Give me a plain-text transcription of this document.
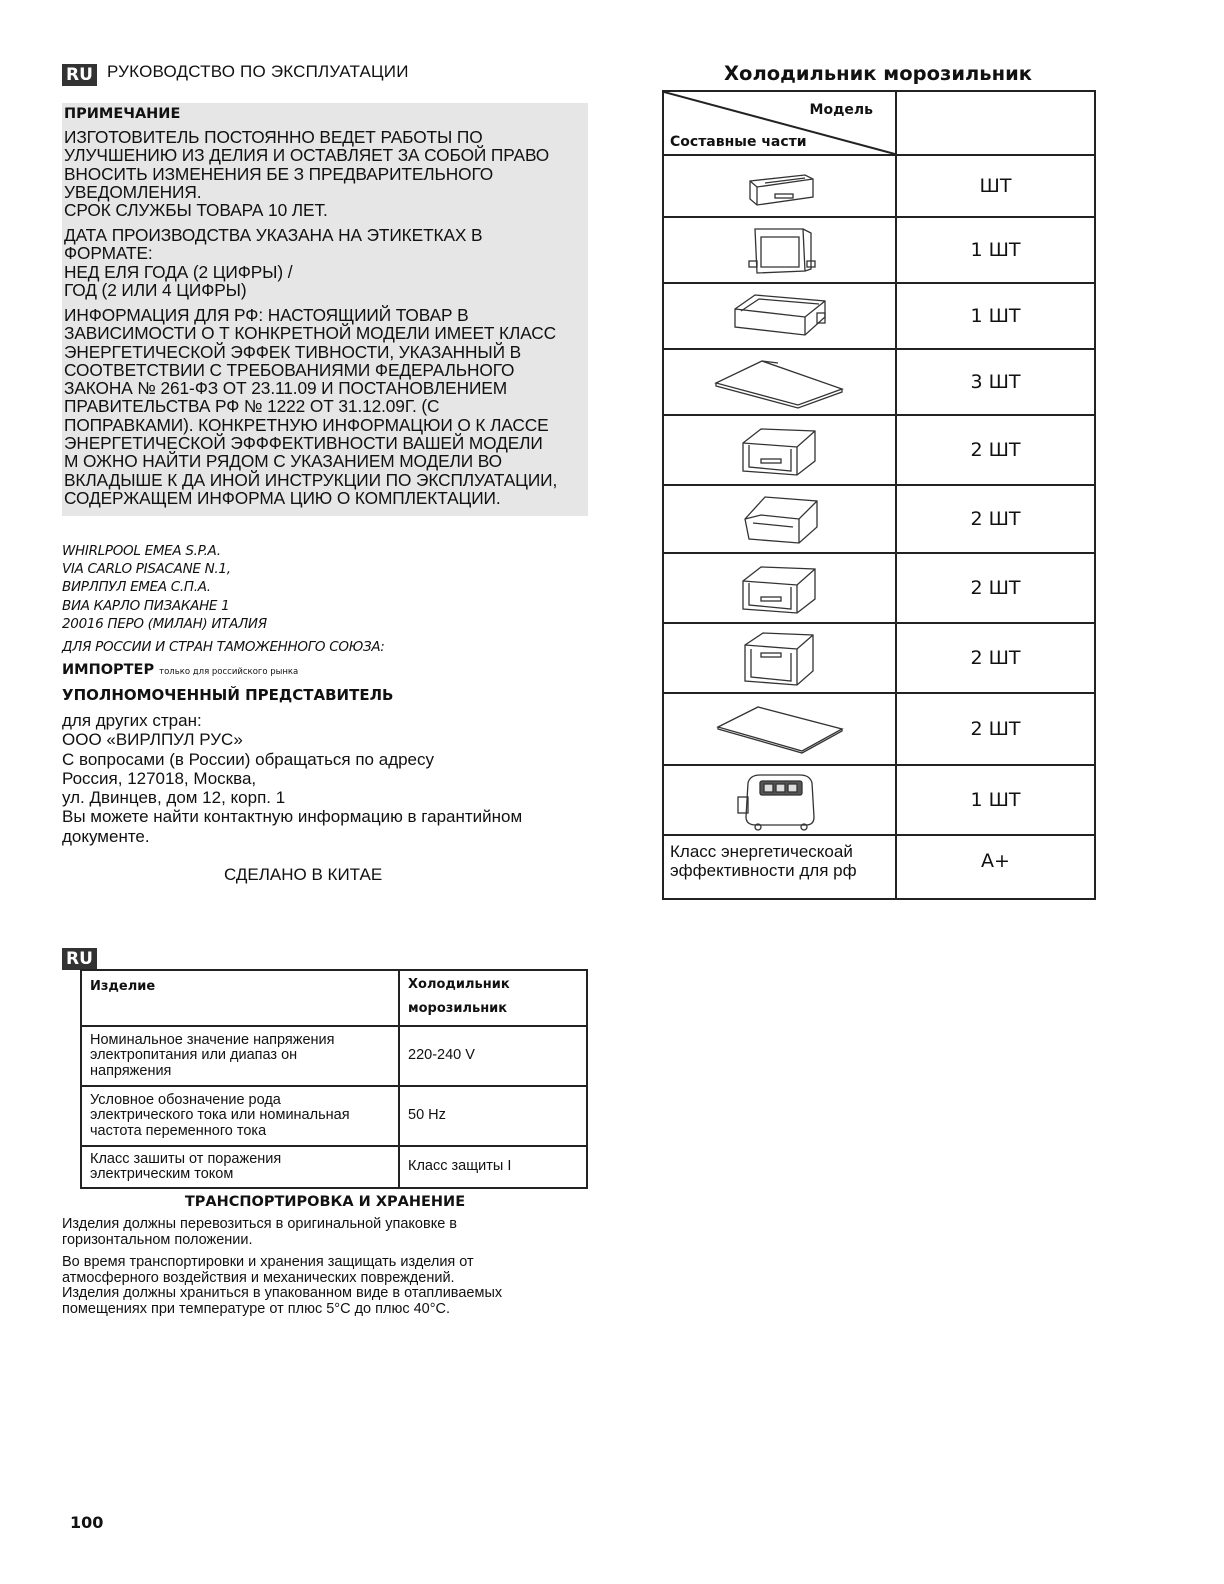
RU РУКОВОДСТВО ПО ЭКСПЛУАТАЦИИ
ПРИМЕЧАНИЕ

ИЗГОТОВИТЕЛЬ ПОСТОЯННО ВЕДЕТ РАБОТЫ ПО
УЛУЧШЕНИЮ ИЗ ДЕЛИЯ И ОСТАВЛЯЕТ ЗА СОБОЙ ПРАВО
ВНОСИТЬ ИЗМЕНЕНИЯ БЕ З ПРЕДВАРИТЕЛЬНОГО
УВЕДОМЛЕНИЯ.
СРОК СЛУЖБЫ ТОВАРА 10 ЛЕТ.

ДАТА ПРОИЗВОДСТВА УКАЗАНА НА ЭТИКЕТКАХ В
ФОРМАТЕ:
НЕД ЕЛЯ ГОДА (2 ЦИФРЫ) /
ГОД (2 ИЛИ 4 ЦИФРЫ)

ИНФОРМАЦИЯ ДЛЯ РФ: НАСТОЯЩИИЙ ТОВАР В
ЗАВИСИМОСТИ О Т КОНКРЕТНОЙ МОДЕЛИ ИМЕЕТ КЛАСС
ЭНЕРГЕТИЧЕСКОЙ ЭФФЕК ТИВНОСТИ, УКАЗАННЫЙ В
СООТВЕТСТВИИ С ТРЕБОВАНИЯМИ ФЕДЕРАЛЬНОГО
ЗАКОНА № 261-ФЗ ОТ 23.11.09 И ПОСТАНОВЛЕНИЕМ
ПРАВИТЕЛЬСТВА РФ № 1222 ОТ 31.12.09Г. (С
ПОПРАВКАМИ). КОНКРЕТНУЮ ИНФОРМАЦЮИ О К ЛАССЕ
ЭНЕРГЕТИЧЕСКОЙ ЭФФФЕКТИВНОСТИ ВАШЕЙ МОДЕЛИ
М ОЖНО НАЙТИ РЯДОМ С УКАЗАНИЕМ МОДЕЛИ ВО
ВКЛАДЫШЕ К ДА ИНОЙ ИНСТРУКЦИИ ПО ЭКСПЛУАТАЦИИ,
СОДЕРЖАЩЕМ ИНФОРМА ЦИЮ О КОМПЛЕКТАЦИИ.

WHIRLPOOL EMEA S.P.A.
VIA CARLO PISACANE N.1,
ВИРЛПУЛ ЕМЕА С.П.А.
ВИА КАРЛО ПИЗАКАНЕ 1
20016 ПЕРО (МИЛАН) ИТАЛИЯ
ДЛЯ РОССИИ И СТРАН ТАМОЖЕННОГО СОЮЗА:
ИМПОРТЕР только для российского рынка
УПОЛНОМОЧЕННЫЙ ПРЕДСТАВИТЕЛЬ
для других стран:
ООО «ВИРЛПУЛ РУС»
С вопросами (в России) обращаться по адресу
Россия, 127018, Москва,
ул. Двинцев, дом 12, корп. 1
Вы можете найти контактную информацию в гарантийном
документе.
СДЕЛАНО В КИТАЕ
Холодильник морозильник
Модель
Составные части	

	ШТ

	1 ШТ

	1 ШТ

	3 ШТ

	2 ШТ

	2 ШТ

	2 ШТ

	2 ШТ

	2 ШТ

	1 ШТ
Класс энергетическоай
эффективности для рф	A+
RU
Изделие	Холодильник
морозильник
Номинальное значение напряжения
электропитания или диапаз он
напряжения	220-240 V
Условное обозначение рода
электрического тока или номинальная
частота переменного тока	50 Hz
Класс зашиты от поражения
электрическим током	Класс защиты I
ТРАНСПОРТИРОВКА И ХРАНЕНИЕ
Изделия должны перевозиться в оригинальной упаковке в
горизонтальном положении.
Во время транспортировки и хранения защищать изделия от
атмосферного воздействия и механических повреждений.
Изделия должны храниться в упакованном виде в отапливаемых
помещениях при температуре от плюс 5°C до плюс 40°C.
100
